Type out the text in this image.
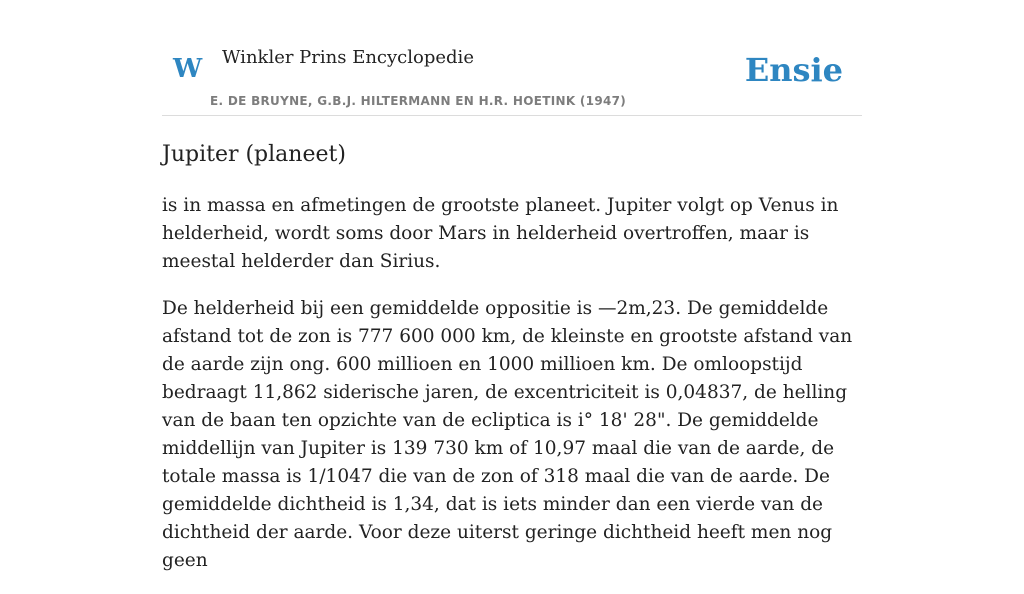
W Winkler Prins Encyclopedie
E. DE BRUYNE, G.B.J. HILTERMANN EN H.R. HOETINK (1947)
Ensie
Jupiter (planeet)

is in massa en afmetingen de grootste planeet. Jupiter volgt op Venus in helderheid, wordt soms door Mars in helderheid overtroffen, maar is meestal helderder dan Sirius.

De helderheid bij een gemiddelde oppositie is —2m,23. De gemiddelde afstand tot de zon is 777 600 000 km, de kleinste en grootste afstand van de aarde zijn ong. 600 millioen en 1000 millioen km. De omloopstijd bedraagt 11,862 siderische jaren, de excentriciteit is 0,04837, de helling van de baan ten opzichte van de ecliptica is i° 18' 28". De gemiddelde middellijn van Jupiter is 139 730 km of 10,97 maal die van de aarde, de totale massa is 1/1047 die van de zon of 318 maal die van de aarde. De gemiddelde dichtheid is 1,34, dat is iets minder dan een vierde van de dichtheid der aarde. Voor deze uiterst geringe dichtheid heeft men nog geen
